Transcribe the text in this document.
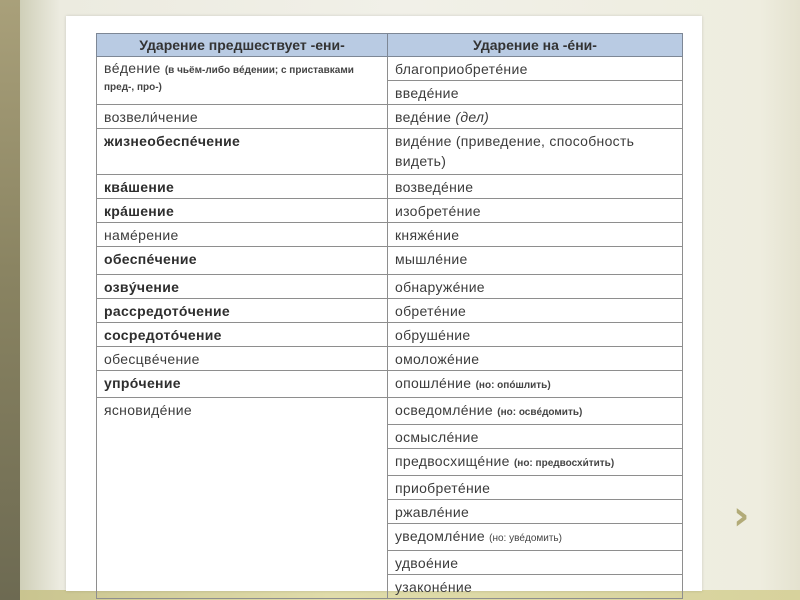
Ударение предшествует -ени-	Ударение на -éни-
вéдение (в чьём-либо вéдении; с приставками пред-, про-)	благоприобретéние
	введéние
возвели́чение	ведéние (дел)
жизнеобеспéчение	видéние (приведение, способность видеть)
квáшение	возведéние
крáшение	изобретéние
намéрение	княжéние
обеспéчение	мышлéние
озвýчение	обнаружéние
рассредотóчение	обретéние
сосредотóчение	обрушéние
обесцвéчение	омоложéние
упрóчение	опошлéние (но: опóшлить)
ясновидéние	осведомлéние (но: освéдомить)
	осмыслéние
	предвосхищéние (но: предвосхи́тить)
	приобретéние
	ржавлéние
	уведомлéние (но: увéдомить)
	удвоéние
	узаконéние
›
